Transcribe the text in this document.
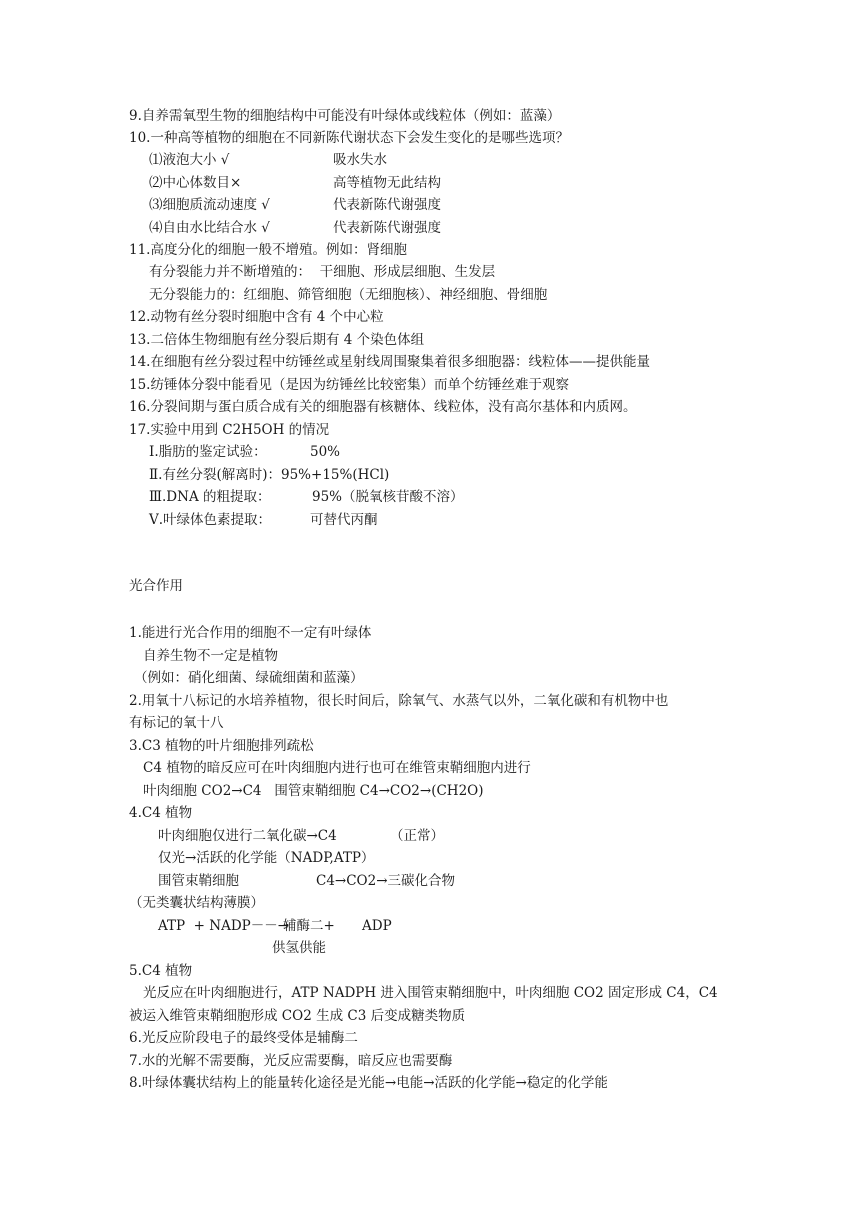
9.自养需氧型生物的细胞结构中可能没有叶绿体或线粒体（例如：蓝藻）
10.一种高等植物的细胞在不同新陈代谢状态下会发生变化的是哪些选项？
⑴液泡大小 √	吸水失水
⑵中心体数目×	高等植物无此结构
⑶细胞质流动速度 √	代表新陈代谢强度
⑷自由水比结合水 √	代表新陈代谢强度
11.高度分化的细胞一般不增殖。例如：肾细胞
有分裂能力并不断增殖的：  干细胞、形成层细胞、生发层
无分裂能力的：红细胞、筛管细胞（无细胞核）、神经细胞、骨细胞
12.动物有丝分裂时细胞中含有 4 个中心粒
13.二倍体生物细胞有丝分裂后期有 4 个染色体组
14.在细胞有丝分裂过程中纺锤丝或星射线周围聚集着很多细胞器：线粒体——提供能量
15.纺锤体分裂中能看见（是因为纺锤丝比较密集）而单个纺锤丝难于观察
16.分裂间期与蛋白质合成有关的细胞器有核糖体、线粒体，没有高尔基体和内质网。
17.实验中用到 C2H5OH 的情况
Ⅰ.脂肪的鉴定试验：	50%
Ⅱ.有丝分裂(解离时)：95%+15%(HCl)
Ⅲ.DNA 的粗提取：	95%（脱氧核苷酸不溶）
Ⅴ.叶绿体色素提取：	可替代丙酮
光合作用
1.能进行光合作用的细胞不一定有叶绿体
自养生物不一定是植物
（例如：硝化细菌、绿硫细菌和蓝藻）
2.用氧十八标记的水培养植物，很长时间后，除氧气、水蒸气以外，二氧化碳和有机物中也
有标记的氧十八
3.C3 植物的叶片细胞排列疏松
C4 植物的暗反应可在叶肉细胞内进行也可在维管束鞘细胞内进行
叶肉细胞 CO2→C4   围管束鞘细胞 C4→CO2→(CH2O)
4.C4 植物
叶肉细胞仅进行二氧化碳→C4	（正常）
仅光→活跃的化学能（NADP,ATP）
围管束鞘细胞	C4→CO2→三碳化合物
（无类囊状结构薄膜）
ATP  + NADP－－→
辅酶二+ ADP
供氢供能
5.C4 植物
光反应在叶肉细胞进行，ATP NADPH 进入围管束鞘细胞中，叶肉细胞 CO2 固定形成 C4，C4
被运入维管束鞘细胞形成 CO2 生成 C3 后变成糖类物质
6.光反应阶段电子的最终受体是辅酶二
7.水的光解不需要酶，光反应需要酶，暗反应也需要酶
8.叶绿体囊状结构上的能量转化途径是光能→电能→活跃的化学能→稳定的化学能
